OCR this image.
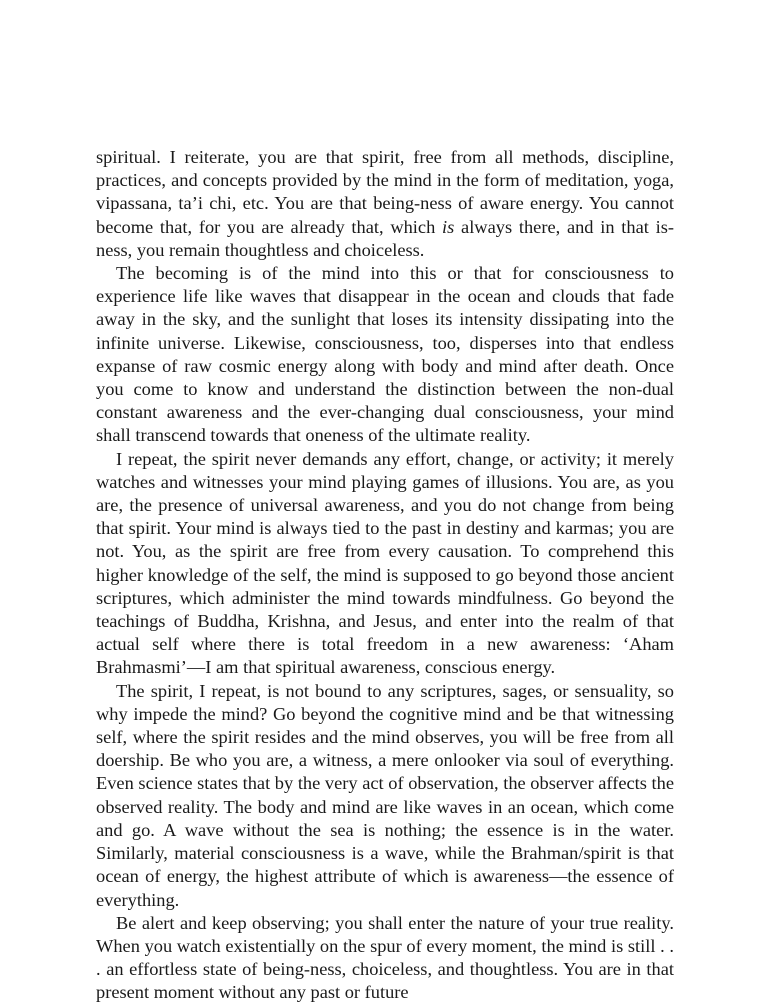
spiritual. I reiterate, you are that spirit, free from all methods, discipline, practices, and concepts provided by the mind in the form of meditation, yoga, vipassana, ta’i chi, etc. You are that being-ness of aware energy. You cannot become that, for you are already that, which is always there, and in that is-ness, you remain thoughtless and choiceless.

The becoming is of the mind into this or that for consciousness to experience life like waves that disappear in the ocean and clouds that fade away in the sky, and the sunlight that loses its intensity dissipating into the infinite universe. Likewise, consciousness, too, disperses into that endless expanse of raw cosmic energy along with body and mind after death. Once you come to know and understand the distinction between the non-dual constant awareness and the ever-changing dual consciousness, your mind shall transcend towards that oneness of the ultimate reality.

I repeat, the spirit never demands any effort, change, or activity; it merely watches and witnesses your mind playing games of illusions. You are, as you are, the presence of universal awareness, and you do not change from being that spirit. Your mind is always tied to the past in destiny and karmas; you are not. You, as the spirit are free from every causation. To comprehend this higher knowledge of the self, the mind is supposed to go beyond those ancient scriptures, which administer the mind towards mindfulness. Go beyond the teachings of Buddha, Krishna, and Jesus, and enter into the realm of that actual self where there is total freedom in a new awareness: ‘Aham Brahmasmi’—I am that spiritual awareness, conscious energy.

The spirit, I repeat, is not bound to any scriptures, sages, or sensuality, so why impede the mind? Go beyond the cognitive mind and be that witnessing self, where the spirit resides and the mind observes, you will be free from all doership. Be who you are, a witness, a mere onlooker via soul of everything. Even science states that by the very act of observation, the observer affects the observed reality. The body and mind are like waves in an ocean, which come and go. A wave without the sea is nothing; the essence is in the water. Similarly, material consciousness is a wave, while the Brahman/spirit is that ocean of energy, the highest attribute of which is awareness—the essence of everything.

Be alert and keep observing; you shall enter the nature of your true reality. When you watch existentially on the spur of every moment, the mind is still . . . an effortless state of being-ness, choiceless, and thoughtless. You are in that present moment without any past or future
